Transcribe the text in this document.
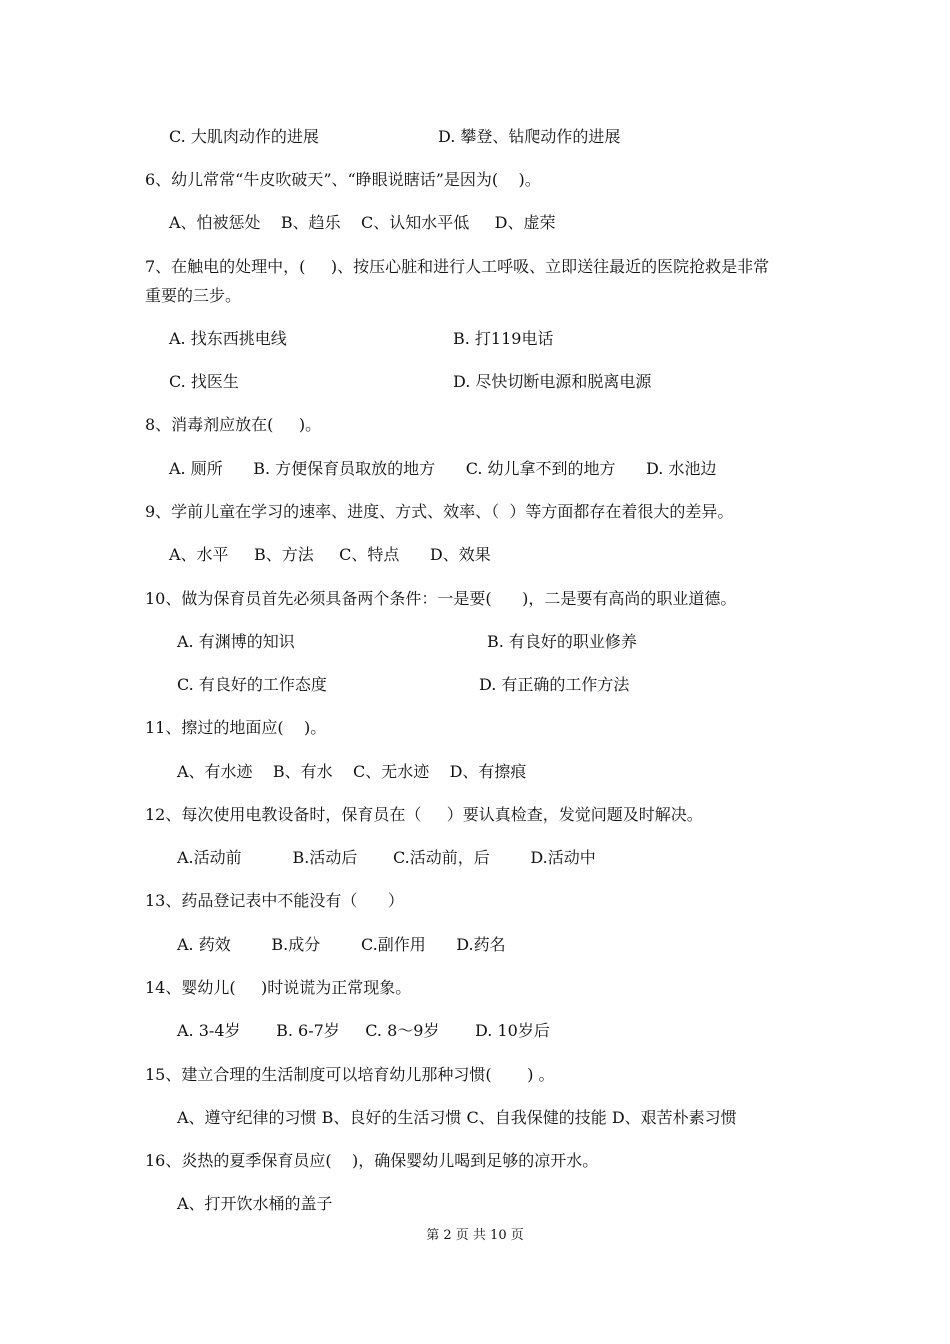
C. 大肌肉动作的进展	D. 攀登、钻爬动作的进展
6、幼儿常常“牛皮吹破天”、“睁眼说瞎话”是因为(    )。
A、怕被惩处    B、趋乐    C、认知水平低     D、虚荣
7、在触电的处理中，(     )、按压心脏和进行人工呼吸、立即送往最近的医院抢救是非常
重要的三步。
A. 找东西挑电线	B. 打119电话
C. 找医生	D. 尽快切断电源和脱离电源
8、消毒剂应放在(     )。
A. 厕所      B. 方便保育员取放的地方      C. 幼儿拿不到的地方      D. 水池边
9、学前儿童在学习的速率、进度、方式、效率、（  ）等方面都存在着很大的差异。
A、水平     B、方法     C、特点      D、效果
10、做为保育员首先必须具备两个条件：一是要(      )，二是要有高尚的职业道德。
A. 有渊博的知识	B. 有良好的职业修养
C. 有良好的工作态度	D. 有正确的工作方法
11、擦过的地面应(    )。
A、有水迹    B、有水    C、无水迹    D、有擦痕
12、每次使用电教设备时，保育员在（     ）要认真检查，发觉问题及时解决。
A.活动前          B.活动后       C.活动前，后        D.活动中
13、药品登记表中不能没有（      ）
A. 药效        B.成分        C.副作用      D.药名
14、婴幼儿(     )时说谎为正常现象。
A. 3-4岁       B. 6-7岁     C. 8～9岁       D. 10岁后
15、建立合理的生活制度可以培育幼儿那种习惯(       ) 。
A、遵守纪律的习惯 B、良好的生活习惯 C、自我保健的技能 D、艰苦朴素习惯
16、炎热的夏季保育员应(    )，确保婴幼儿喝到足够的凉开水。
A、打开饮水桶的盖子
第 2 页 共 10 页
